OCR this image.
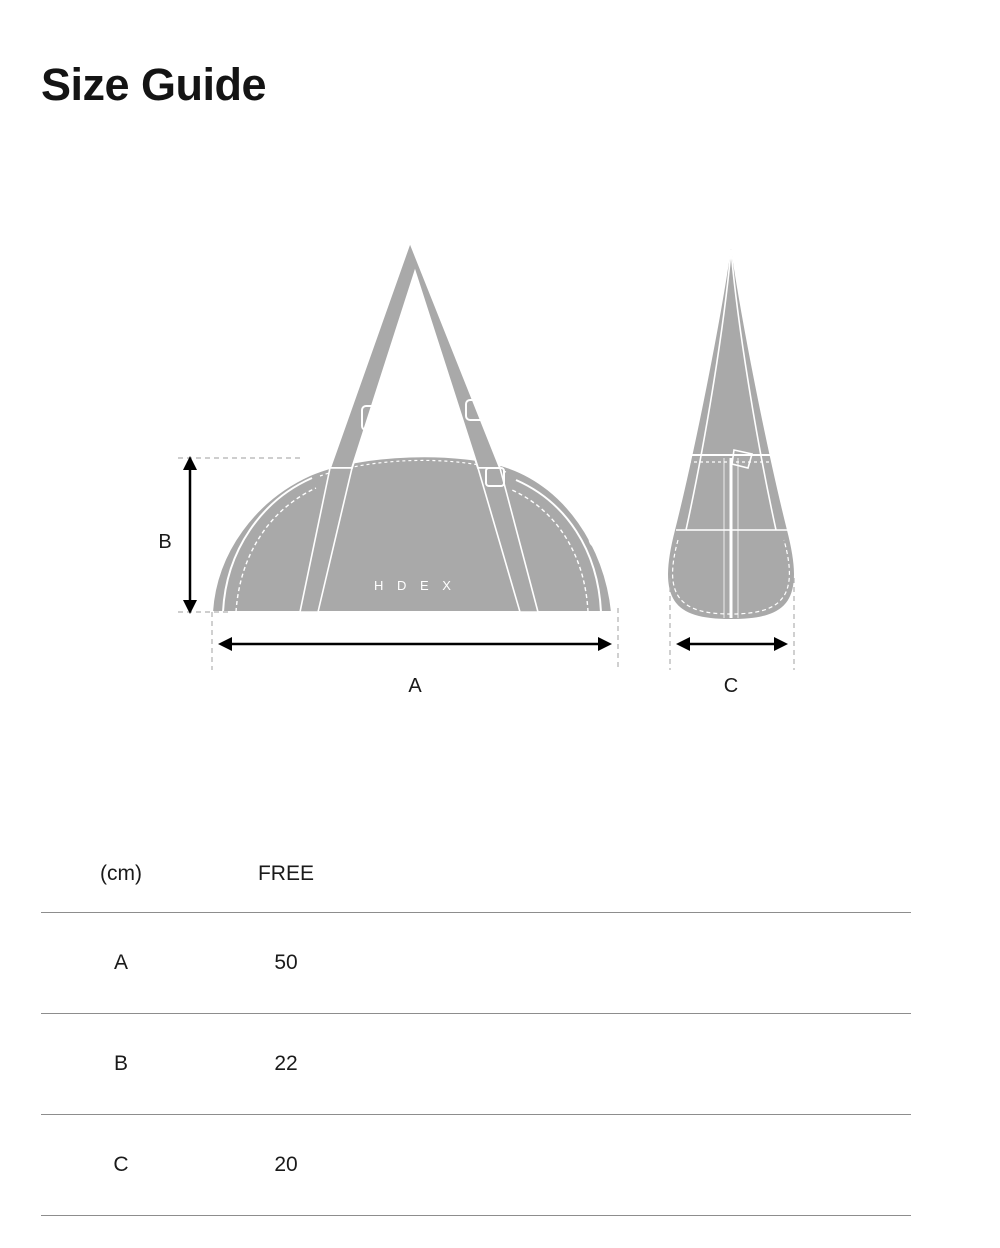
Size Guide
H D E X
B
A	C
(cm)	FREE	
A	50	
B	22	
C	20	
